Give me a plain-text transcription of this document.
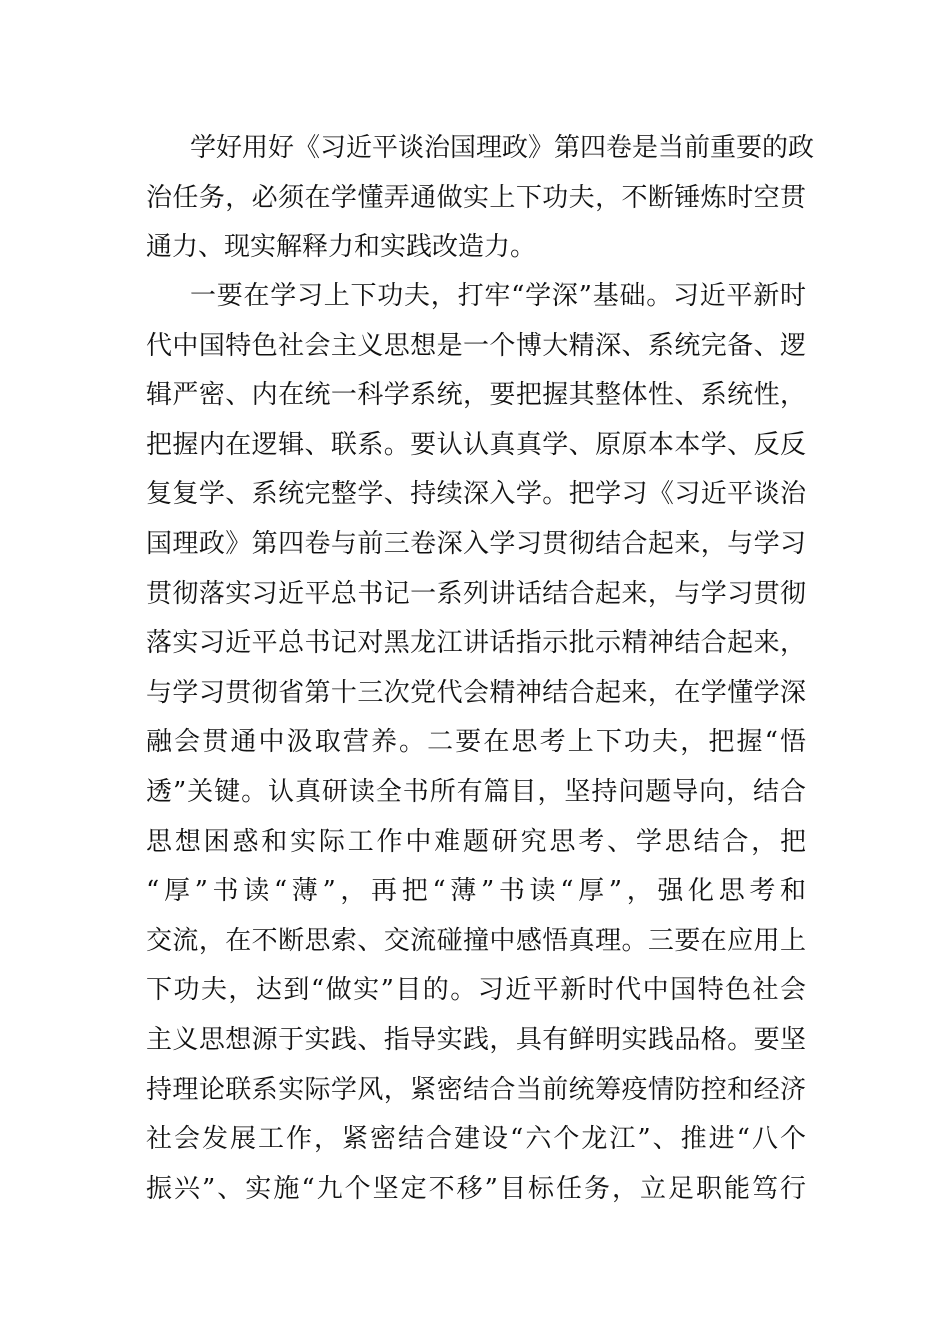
学好用好《习近平谈治国理政》第四卷是当前重要的政
治任务，必须在学懂弄通做实上下功夫，不断锤炼时空贯
通力、现实解释力和实践改造力。
一要在学习上下功夫，打牢“学深”基础。习近平新时
代中国特色社会主义思想是一个博大精深、系统完备、逻
辑严密、内在统一科学系统，要把握其整体性、系统性，
把握内在逻辑、联系。要认认真真学、原原本本学、反反
复复学、系统完整学、持续深入学。把学习《习近平谈治
国理政》第四卷与前三卷深入学习贯彻结合起来，与学习
贯彻落实习近平总书记一系列讲话结合起来，与学习贯彻
落实习近平总书记对黑龙江讲话指示批示精神结合起来，
与学习贯彻省第十三次党代会精神结合起来，在学懂学深
融会贯通中汲取营养。二要在思考上下功夫，把握“悟
透”关键。认真研读全书所有篇目，坚持问题导向，结合
思想困惑和实际工作中难题研究思考、学思结合，把
“厚”书读“薄”，再把“薄”书读“厚”，强化思考和
交流，在不断思索、交流碰撞中感悟真理。三要在应用上
下功夫，达到“做实”目的。习近平新时代中国特色社会
主义思想源于实践、指导实践，具有鲜明实践品格。要坚
持理论联系实际学风，紧密结合当前统筹疫情防控和经济
社会发展工作，紧密结合建设“六个龙江”、推进“八个
振兴”、实施“九个坚定不移”目标任务，立足职能笃行
